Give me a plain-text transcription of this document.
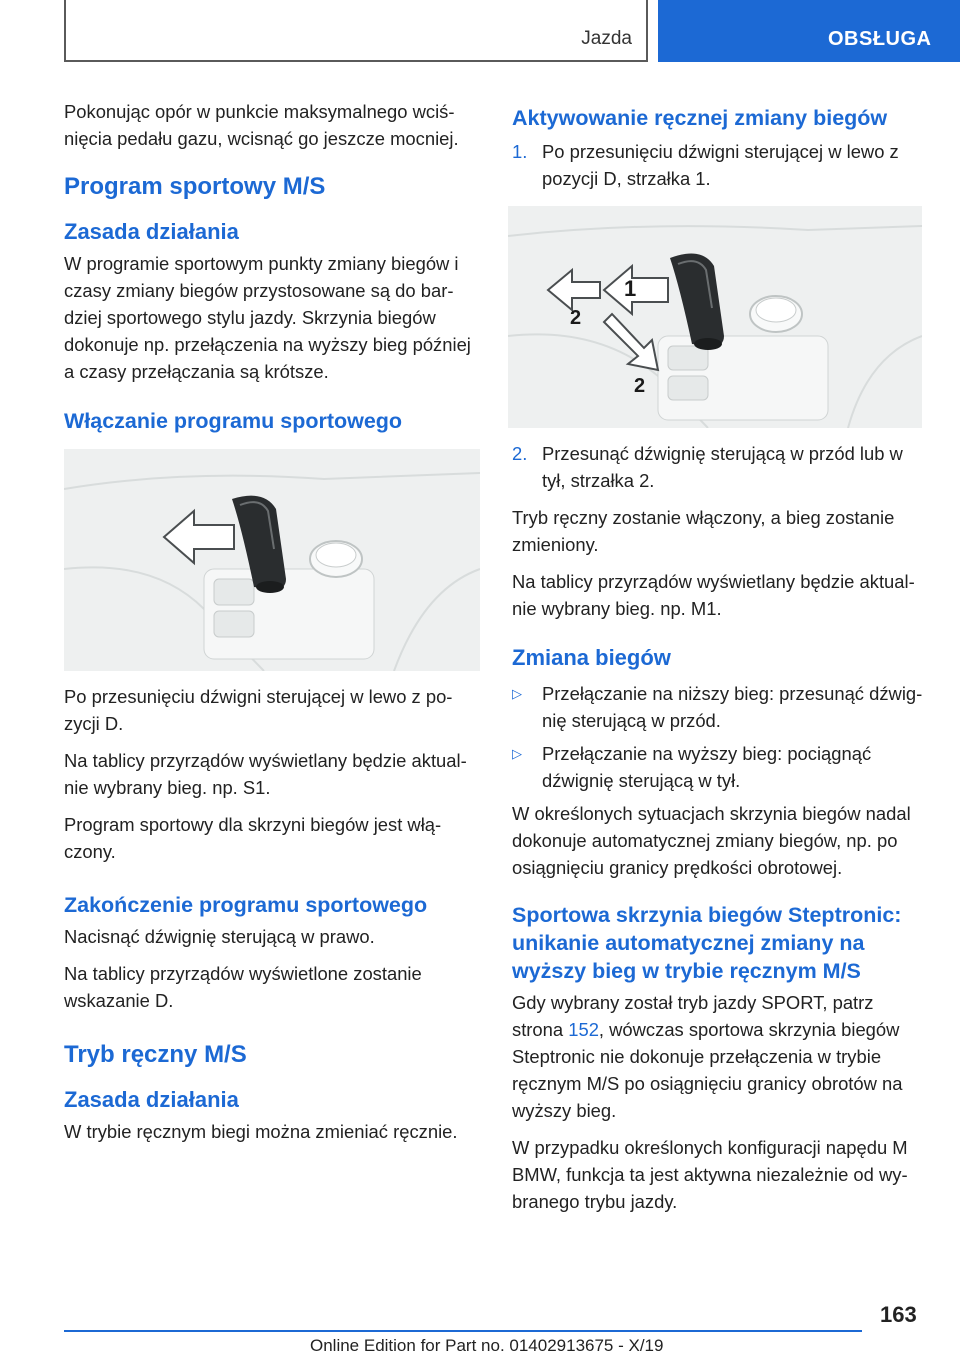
Jazda	OBSŁUGA

Pokonując opór w punkcie maksymalnego wciś‐nięcia pedału gazu, wcisnąć go jeszcze mocniej.

Program sportowy M/S
Zasada działania

W programie sportowym punkty zmiany biegów i czasy zmiany biegów przystosowane są do bar‐dziej sportowego stylu jazdy. Skrzynia biegów dokonuje np. przełączenia na wyższy bieg później a czasy przełączania są krótsze.

Włączanie programu sportowego

Po przesunięciu dźwigni sterującej w lewo z po‐zycji D.

Na tablicy przyrządów wyświetlany będzie aktual‐nie wybrany bieg. np. S1.

Program sportowy dla skrzyni biegów jest włą‐czony.

Zakończenie programu sportowego

Nacisnąć dźwignię sterującą w prawo.

Na tablicy przyrządów wyświetlone zostanie wskazanie D.

Tryb ręczny M/S
Zasada działania

W trybie ręcznym biegi można zmieniać ręcznie.

Aktywowanie ręcznej zmiany biegów
1. Po przesunięciu dźwigni sterującej w lewo z pozycji D, strzałka 1.
1
2
2
2. Przesunąć dźwignię sterującą w przód lub w tył, strzałka 2.

Tryb ręczny zostanie włączony, a bieg zostanie zmieniony.

Na tablicy przyrządów wyświetlany będzie aktual‐nie wybrany bieg. np. M1.

Zmiana biegów
▷	Przełączanie na niższy bieg: przesunąć dźwig‐nię sterującą w przód.
▷	Przełączanie na wyższy bieg: pociągnąć dźwignię sterującą w tył.

W określonych sytuacjach skrzynia biegów nadal dokonuje automatycznej zmiany biegów, np. po osiągnięciu granicy prędkości obrotowej.

Sportowa skrzynia biegów Steptronic: unikanie automatycznej zmiany na wyższy bieg w trybie ręcznym M/S

Gdy wybrany został tryb jazdy SPORT, patrz strona 152, wówczas sportowa skrzynia biegów Steptronic nie dokonuje przełączenia w trybie ręcznym M/S po osiągnięciu granicy obrotów na wyższy bieg.

W przypadku określonych konfiguracji napędu M BMW, funkcja ta jest aktywna niezależnie od wy‐branego trybu jazdy.

163
Online Edition for Part no. 01402913675 - X/19
